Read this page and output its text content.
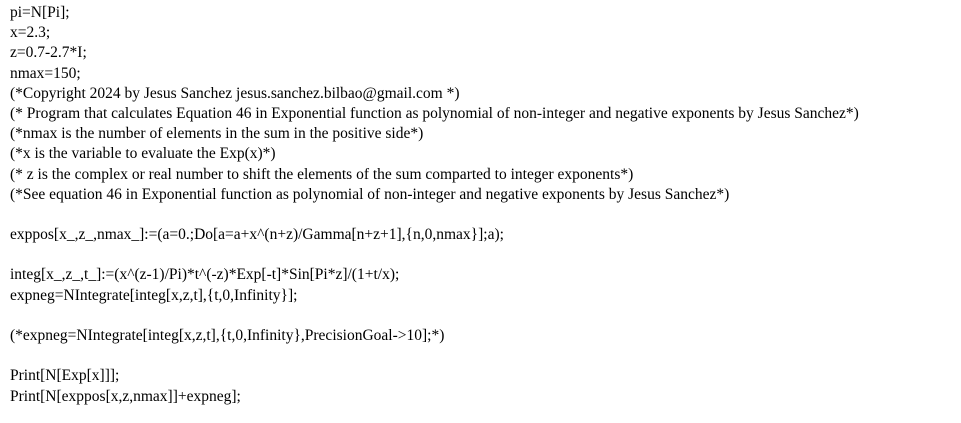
pi=N[Pi];
x=2.3;
z=0.7-2.7*I;
nmax=150;
(*Copyright 2024 by Jesus Sanchez jesus.sanchez.bilbao@gmail.com *)
(* Program that calculates Equation 46 in Exponential function as polynomial of non-integer and negative exponents by Jesus Sanchez*)
(*nmax is the number of elements in the sum in the positive side*)
(*x is the variable to evaluate the Exp(x)*)
(* z is the complex or real number to shift the elements of the sum comparted to integer exponents*)
(*See equation 46 in Exponential function as polynomial of non-integer and negative exponents by Jesus Sanchez*)
exppos[x_,z_,nmax_]:=(a=0.;Do[a=a+x^(n+z)/Gamma[n+z+1],{n,0,nmax}];a);
integ[x_,z_,t_]:=(x^(z-1)/Pi)*t^(-z)*Exp[-t]*Sin[Pi*z]/(1+t/x);
expneg=NIntegrate[integ[x,z,t],{t,0,Infinity}];
(*expneg=NIntegrate[integ[x,z,t],{t,0,Infinity},PrecisionGoal->10];*)
Print[N[Exp[x]]];
Print[N[exppos[x,z,nmax]]+expneg];
